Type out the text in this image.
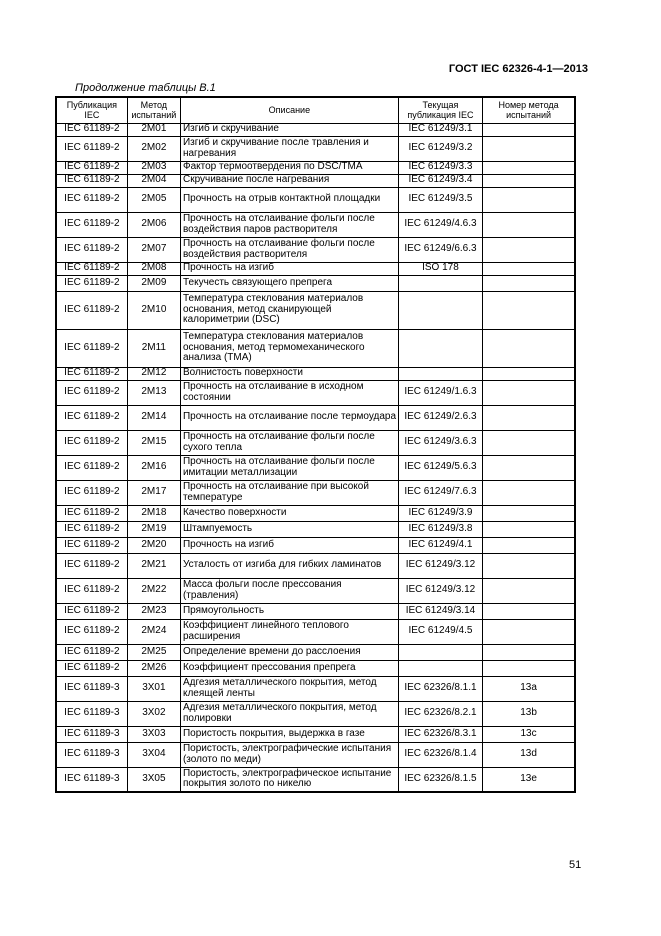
ГОСТ IEC 62326-4-1—2013
Продолжение таблицы В.1
Публикация IEC	Метод испытаний	Описание	Текущая публикация IEC	Номер метода испытаний
IEC 61189-2	2M01	Изгиб и скручивание	IEC 61249/3.1	
IEC 61189-2	2M02	Изгиб и скручивание после травления и нагревания	IEC 61249/3.2	
IEC 61189-2	2M03	Фактор термоотвердения по DSC/TMA	IEC 61249/3.3	
IEC 61189-2	2M04	Скручивание после нагревания	IEC 61249/3.4	
IEC 61189-2	2M05	Прочность на отрыв контактной площадки	IEC 61249/3.5	
IEC 61189-2	2M06	Прочность на отслаивание фольги после воздействия паров растворителя	IEC 61249/4.6.3	
IEC 61189-2	2M07	Прочность на отслаивание фольги после воздействия растворителя	IEC 61249/6.6.3	
IEC 61189-2	2M08	Прочность на изгиб	ISO 178	
IEC 61189-2	2M09	Текучесть связующего препрега		
IEC 61189-2	2M10	Температура стеклования материалов основания, метод сканирующей калориметрии (DSC)		
IEC 61189-2	2M11	Температура стеклования материалов основания, метод термомеханического анализа (TMA)		
IEC 61189-2	2M12	Волнистость поверхности		
IEC 61189-2	2M13	Прочность на отслаивание в исходном состоянии	IEC 61249/1.6.3	
IEC 61189-2	2M14	Прочность на отслаивание после термоудара	IEC 61249/2.6.3	
IEC 61189-2	2M15	Прочность на отслаивание фольги после сухого тепла	IEC 61249/3.6.3	
IEC 61189-2	2M16	Прочность на отслаивание фольги после имитации металлизации	IEC 61249/5.6.3	
IEC 61189-2	2M17	Прочность на отслаивание при высокой температуре	IEC 61249/7.6.3	
IEC 61189-2	2M18	Качество поверхности	IEC 61249/3.9	
IEC 61189-2	2M19	Штампуемость	IEC 61249/3.8	
IEC 61189-2	2M20	Прочность на изгиб	IEC 61249/4.1	
IEC 61189-2	2M21	Усталость от изгиба для гибких ламинатов	IEC 61249/3.12	
IEC 61189-2	2M22	Масса фольги после прессования (травления)	IEC 61249/3.12	
IEC 61189-2	2M23	Прямоугольность	IEC 61249/3.14	
IEC 61189-2	2M24	Коэффициент линейного теплового расширения	IEC 61249/4.5	
IEC 61189-2	2M25	Определение времени до расслоения		
IEC 61189-2	2M26	Коэффициент прессования препрега		
IEC 61189-3	3X01	Адгезия металлического покрытия, метод клеящей ленты	IEC 62326/8.1.1	13a
IEC 61189-3	3X02	Адгезия металлического покрытия, метод полировки	IEC 62326/8.2.1	13b
IEC 61189-3	3X03	Пористость покрытия, выдержка в газе	IEC 62326/8.3.1	13c
IEC 61189-3	3X04	Пористость, электрографические испытания (золото по меди)	IEC 62326/8.1.4	13d
IEC 61189-3	3X05	Пористость, электрографическое испытание покрытия золото по никелю	IEC 62326/8.1.5	13e
51
